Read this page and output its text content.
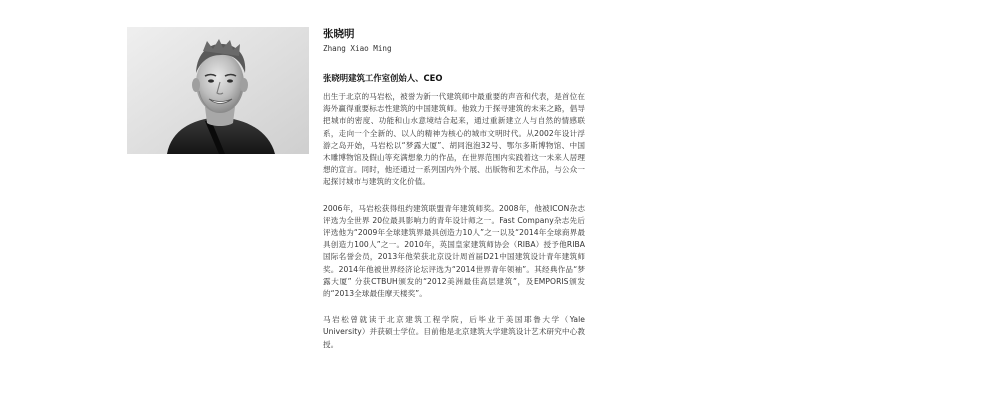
张晓明

Zhang Xiao Ming

张晓明建筑工作室创始人、CEO

出生于北京的马岩松，被誉为新一代建筑师中最重要的声音和代表，是首位在海外赢得重要标志性建筑的中国建筑师。他致力于探寻建筑的未来之路，倡导把城市的密度、功能和山水意境结合起来，通过重新建立人与自然的情感联系，走向一个全新的、以人的精神为核心的城市文明时代。从2002年设计浮游之岛开始，马岩松以“梦露大厦”、胡同泡泡32号、鄂尔多斯博物馆、中国木雕博物馆及假山等充满想象力的作品，在世界范围内实践着这一未来人居理想的宣言。同时，他还通过一系列国内外个展、出版物和艺术作品，与公众一起探讨城市与建筑的文化价值。

2006年，马岩松获得纽约建筑联盟青年建筑师奖。2008年，他被ICON杂志评选为全世界 20位最具影响力的青年设计师之一。Fast Company杂志先后评选他为“2009年全球建筑界最具创造力10人”之一以及“2014年全球商界最具创造力100人”之一。2010年，英国皇家建筑师协会（RIBA）授予他RIBA国际名誉会员，2013年他荣获北京设计周首届D21中国建筑设计青年建筑师奖。2014年他被世界经济论坛评选为“2014世界青年领袖”。其经典作品“梦露大厦” 分获CTBUH颁发的“2012美洲最佳高层建筑”，及EMPORIS颁发的“2013全球最佳摩天楼奖”。

马岩松曾就读于北京建筑工程学院，后毕业于美国耶鲁大学（Yale University）并获硕士学位。目前他是北京建筑大学建筑设计艺术研究中心教授。
